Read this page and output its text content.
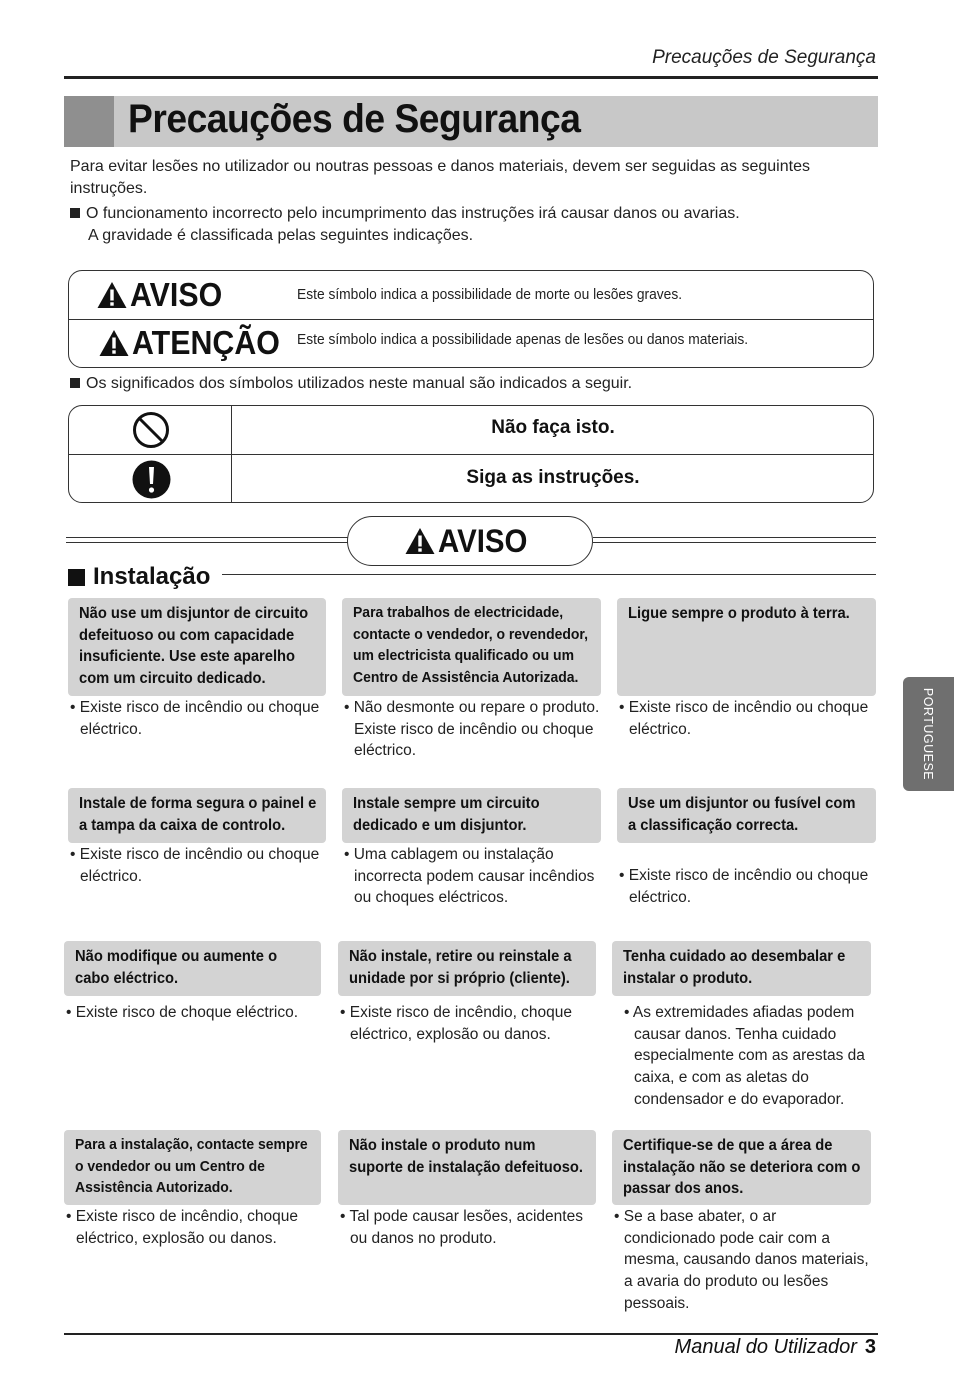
Precauções de Segurança
Precauções de Segurança
Para evitar lesões no utilizador ou noutras pessoas e danos materiais, devem ser seguidas as seguintes instruções.
O funcionamento incorrecto pelo incumprimento das instruções irá causar danos ou avarias.
A gravidade é classificada pelas seguintes indicações.
AVISO	Este símbolo indica a possibilidade de morte ou lesões graves.
ATENÇÃO Este símbolo indica a possibilidade apenas de lesões ou danos materiais.
Os significados dos símbolos utilizados neste manual são indicados a seguir.
Não faça isto.
Siga as instruções.
AVISO
Instalação
Não use um disjuntor de circuito defeituoso ou com capacidade insuficiente. Use este aparelho com um circuito dedicado.
• Existe risco de incêndio ou choque eléctrico.
Para trabalhos de electricidade, contacte o vendedor, o revendedor, um electricista qualificado ou um Centro de Assistência Autorizada.
• Não desmonte ou repare o produto. Existe risco de incêndio ou choque eléctrico.
Ligue sempre o produto à terra.
• Existe risco de incêndio ou choque eléctrico.
Instale de forma segura o painel e a tampa da caixa de controlo.
• Existe risco de incêndio ou choque eléctrico.
Instale sempre um circuito dedicado e um disjuntor.
• Uma cablagem ou instalação incorrecta podem causar incêndios ou choques eléctricos.
Use um disjuntor ou fusível com a classificação correcta.
• Existe risco de incêndio ou choque eléctrico.
Não modifique ou aumente o cabo eléctrico.
• Existe risco de choque eléctrico.
Não instale, retire ou reinstale a unidade por si próprio (cliente).
• Existe risco de incêndio, choque eléctrico, explosão ou danos.
Tenha cuidado ao desembalar e instalar o produto.
• As extremidades afiadas podem causar danos. Tenha cuidado especialmente com as arestas da caixa, e com as aletas do condensador e do evaporador.
Para a instalação, contacte sempre o vendedor ou um Centro de Assistência Autorizado.
• Existe risco de incêndio, choque eléctrico, explosão ou danos.
Não instale o produto num suporte de instalação defeituoso.
• Tal pode causar lesões, acidentes ou danos no produto.
Certifique-se de que a área de instalação não se deteriora com o passar dos anos.
• Se a base abater, o ar condicionado pode cair com a mesma, causando danos materiais, a avaria do produto ou lesões pessoais.
PORTUGUESE
Manual do Utilizador 3
